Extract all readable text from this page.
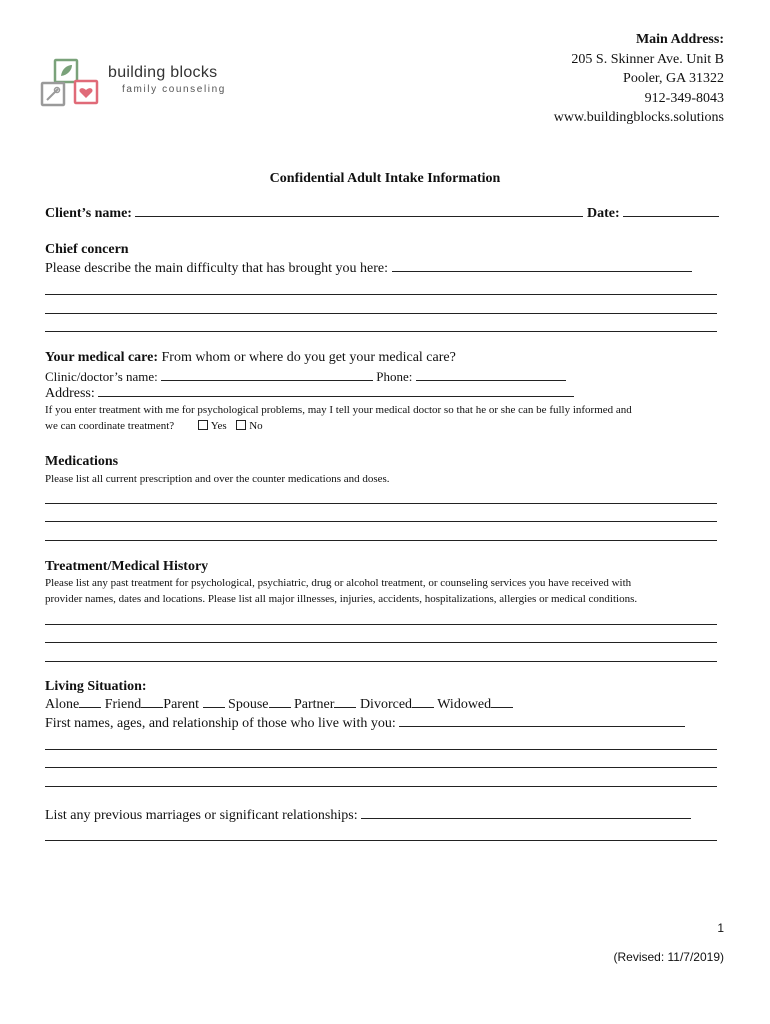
building blocks
family counseling
Main Address:
205 S. Skinner Ave. Unit B
Pooler, GA 31322
912-349-8043
www.buildingblocks.solutions
Confidential Adult Intake Information
Client’s name:	Date:
Chief concern
Please describe the main difficulty that has brought you here:
Your medical care: From whom or where do you get your medical care?
Clinic/doctor’s name:	Phone:
Address:
If you enter treatment with me for psychological problems, may I tell your medical doctor so that he or she can be fully informed and
we can coordinate treatment?	Yes No
Medications
Please list all current prescription and over the counter medications and doses.
Treatment/Medical History
Please list any past treatment for psychological, psychiatric, drug or alcohol treatment, or counseling services you have received with
provider names, dates and locations. Please list all major illnesses, injuries, accidents, hospitalizations, allergies or medical conditions.
Living Situation:
Alone Friend Parent Spouse Partner Divorced Widowed
First names, ages, and relationship of those who live with you:
List any previous marriages or significant relationships:
1
(Revised: 11/7/2019)
